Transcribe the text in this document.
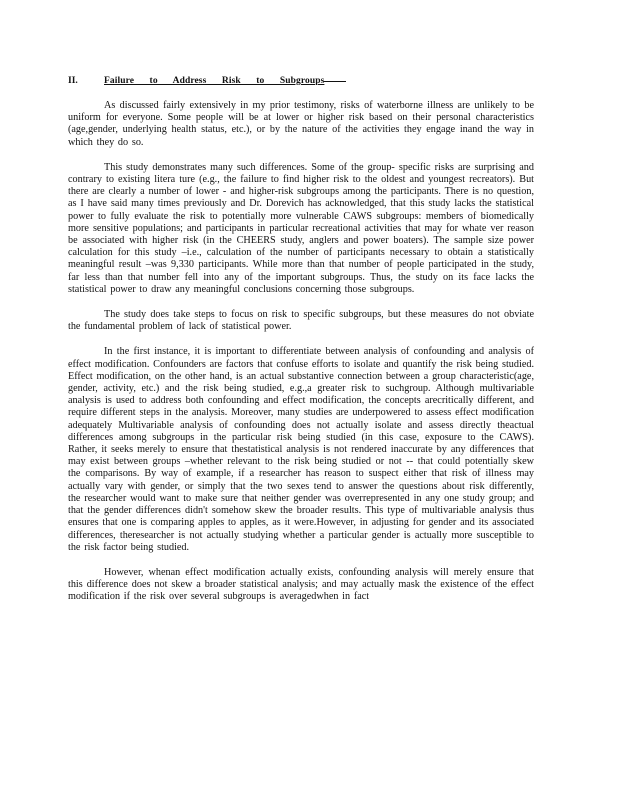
II.	Failure to Address Risk to Subgroups

As discussed fairly extensively in my prior testimony, risks of waterborne illness are unlikely to be uniform for everyone. Some people will be at lower or higher risk based on their personal characteristics (age,gender, underlying health status, etc.), or by the nature of the activities they engage inand the way in which they do so.

This study demonstrates many such differences. Some of the group- specific risks are surprising and contrary to existing litera ture (e.g., the failure to find higher risk to the oldest and youngest recreators). But there are clearly a number of lower - and higher-risk subgroups among the participants. There is no question, as I have said many times previously and Dr. Dorevich has acknowledged, that this study lacks the statistical power to fully evaluate the risk to potentially more vulnerable CAWS subgroups: members of biomedically more sensitive populations; and participants in particular recreational activities that may for whate ver reason be associated with higher risk (in the CHEERS study, anglers and power boaters). The sample size power calculation for this study –i.e., calculation of the number of participants necessary to obtain a statistically meaningful result –was 9,330 participants. While more than that number of people participated in the study, far less than that number fell into any of the important subgroups. Thus, the study on its face lacks the statistical power to draw any meaningful conclusions concerning those subgroups.

The study does take steps to focus on risk to specific subgroups, but these measures do not obviate the fundamental problem of lack of statistical power.

In the first instance, it is important to differentiate between analysis of confounding and analysis of effect modification. Confounders are factors that confuse efforts to isolate and quantify the risk being studied. Effect modification, on the other hand, is an actual substantive connection between a group characteristic(age, gender, activity, etc.) and the risk being studied, e.g.,a greater risk to suchgroup. Although multivariable analysis is used to address both confounding and effect modification, the concepts arecritically different, and require different steps in the analysis. Moreover, many studies are underpowered to assess effect modification adequately Multivariable analysis of confounding does not actually isolate and assess directly theactual differences among subgroups in the particular risk being studied (in this case, exposure to the CAWS). Rather, it seeks merely to ensure that thestatistical analysis is not rendered inaccurate by any differences that may exist between groups –whether relevant to the risk being studied or not -- that could potentially skew the comparisons. By way of example, if a researcher has reason to suspect either that risk of illness may actually vary with gender, or simply that the two sexes tend to answer the questions about risk differently, the researcher would want to make sure that neither gender was overrepresented in any one study group; and that the gender differences didn't somehow skew the broader results. This type of multivariable analysis thus ensures that one is comparing apples to apples, as it were.However, in adjusting for gender and its associated differences, theresearcher is not actually studying whether a particular gender is actually more susceptible to the risk factor being studied.

However, whenan effect modification actually exists, confounding analysis will merely ensure that this difference does not skew a broader statistical analysis; and may actually mask the existence of the effect modification if the risk over several subgroups is averagedwhen in fact
